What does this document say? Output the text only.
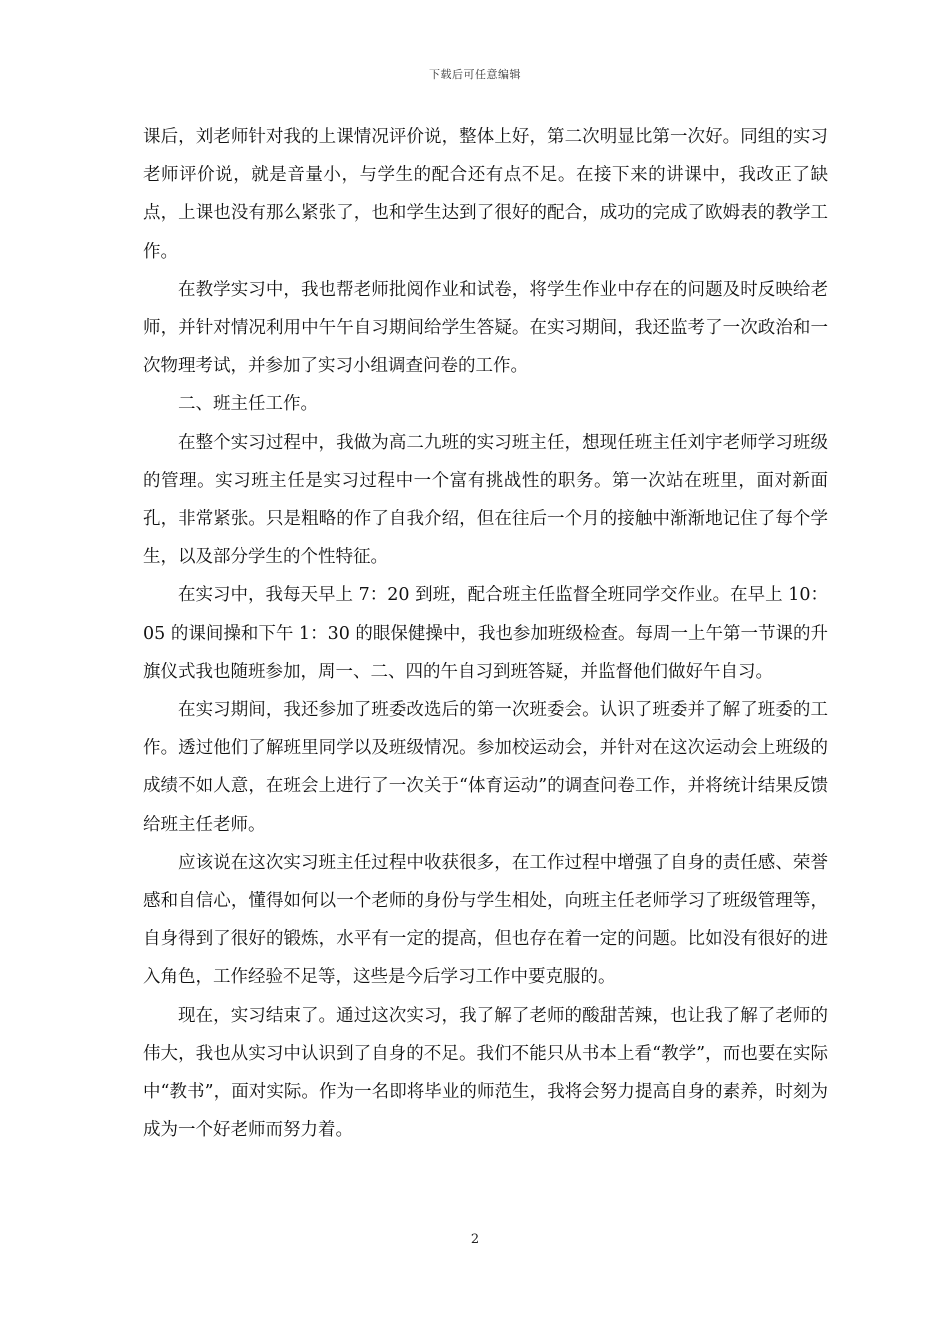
下载后可任意编辑

课后，刘老师针对我的上课情况评价说，整体上好，第二次明显比第一次好。同组的实习老师评价说，就是音量小，与学生的配合还有点不足。在接下来的讲课中，我改正了缺点，上课也没有那么紧张了，也和学生达到了很好的配合，成功的完成了欧姆表的教学工作。

在教学实习中，我也帮老师批阅作业和试卷，将学生作业中存在的问题及时反映给老师，并针对情况利用中午午自习期间给学生答疑。在实习期间，我还监考了一次政治和一次物理考试，并参加了实习小组调查问卷的工作。

二、班主任工作。

在整个实习过程中，我做为高二九班的实习班主任，想现任班主任刘宇老师学习班级的管理。实习班主任是实习过程中一个富有挑战性的职务。第一次站在班里，面对新面孔，非常紧张。只是粗略的作了自我介绍，但在往后一个月的接触中渐渐地记住了每个学生，以及部分学生的个性特征。

在实习中，我每天早上 7：20 到班，配合班主任监督全班同学交作业。在早上 10：05 的课间操和下午 1：30 的眼保健操中，我也参加班级检查。每周一上午第一节课的升旗仪式我也随班参加，周一、二、四的午自习到班答疑，并监督他们做好午自习。

在实习期间，我还参加了班委改选后的第一次班委会。认识了班委并了解了班委的工作。透过他们了解班里同学以及班级情况。参加校运动会，并针对在这次运动会上班级的成绩不如人意，在班会上进行了一次关于“体育运动”的调查问卷工作，并将统计结果反馈给班主任老师。

应该说在这次实习班主任过程中收获很多，在工作过程中增强了自身的责任感、荣誉感和自信心，懂得如何以一个老师的身份与学生相处，向班主任老师学习了班级管理等，自身得到了很好的锻炼，水平有一定的提高，但也存在着一定的问题。比如没有很好的进入角色，工作经验不足等，这些是今后学习工作中要克服的。

现在，实习结束了。通过这次实习，我了解了老师的酸甜苦辣，也让我了解了老师的伟大，我也从实习中认识到了自身的不足。我们不能只从书本上看“教学”，而也要在实际中“教书”，面对实际。作为一名即将毕业的师范生，我将会努力提高自身的素养，时刻为成为一个好老师而努力着。

2
